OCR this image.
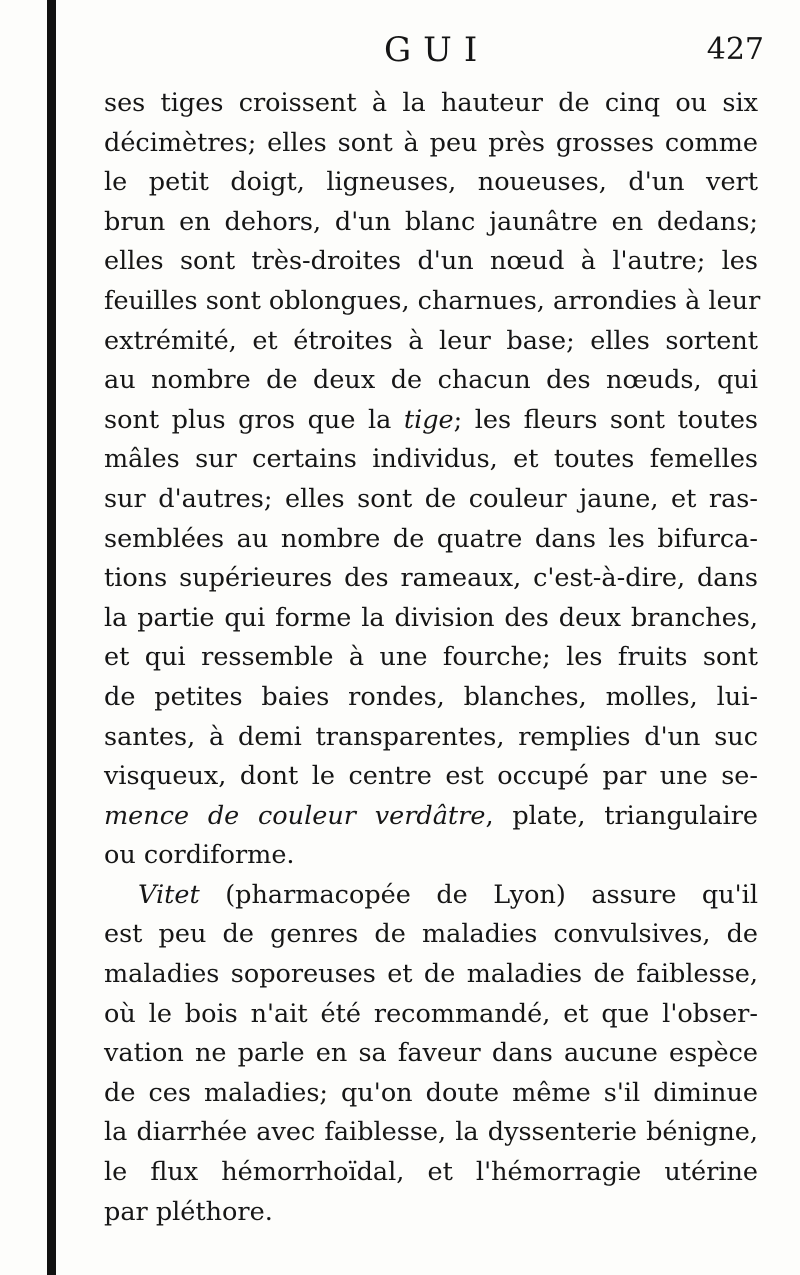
GUI	427
ses tiges croissent à la hauteur de cinq ou six
décimètres; elles sont à peu près grosses comme
le petit doigt, ligneuses, noueuses, d'un vert
brun en dehors, d'un blanc jaunâtre en dedans;
elles sont très-droites d'un nœud à l'autre; les
feuilles sont oblongues, charnues, arrondies à leur
extrémité, et étroites à leur base; elles sortent
au nombre de deux de chacun des nœuds, qui
sont plus gros que la tige; les fleurs sont toutes
mâles sur certains individus, et toutes femelles
sur d'autres; elles sont de couleur jaune, et ras-
semblées au nombre de quatre dans les bifurca-
tions supérieures des rameaux, c'est-à-dire, dans
la partie qui forme la division des deux branches,
et qui ressemble à une fourche; les fruits sont
de petites baies rondes, blanches, molles, lui-
santes, à demi transparentes, remplies d'un suc
visqueux, dont le centre est occupé par une se-
mence de couleur verdâtre, plate, triangulaire
ou cordiforme.
Vitet (pharmacopée de Lyon) assure qu'il
est peu de genres de maladies convulsives, de
maladies soporeuses et de maladies de faiblesse,
où le bois n'ait été recommandé, et que l'obser-
vation ne parle en sa faveur dans aucune espèce
de ces maladies; qu'on doute même s'il diminue
la diarrhée avec faiblesse, la dyssenterie bénigne,
le flux hémorrhoïdal, et l'hémorragie utérine
par pléthore.
